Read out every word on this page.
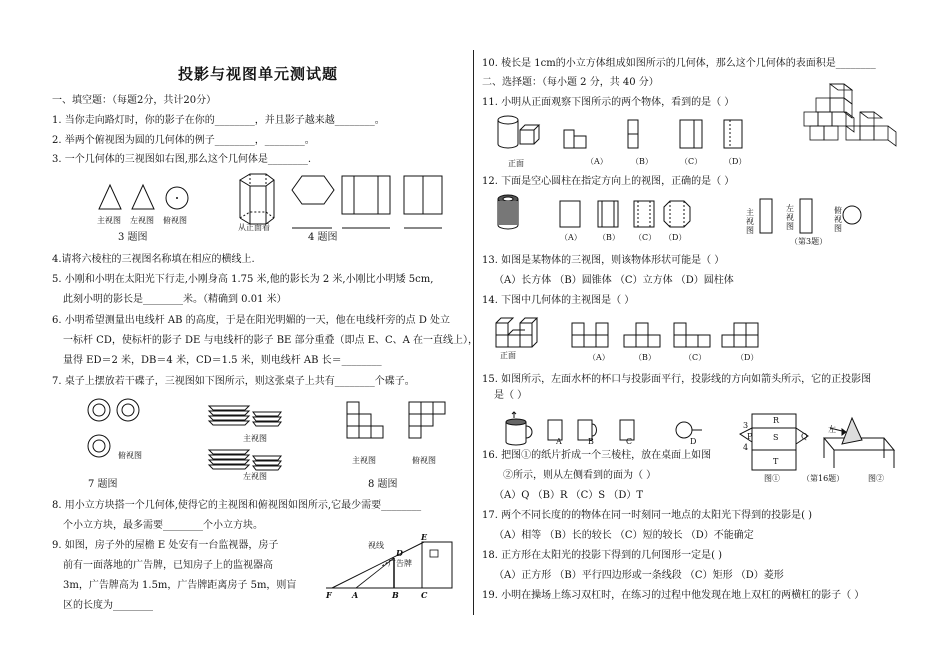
投影与视图单元测试题
一、填空题：（每题2分，共计20分）
1. 当你走向路灯时，你的影子在你的________，并且影子越来越________。
2. 举两个俯视图为圆的几何体的例子________，________。
3. 一个几何体的三视图如右图,那么这个几何体是________.
主视图 左视图 俯视图
3 题图
从正面看
4 题图
4.请将六棱柱的三视图名称填在相应的横线上.
5. 小刚和小明在太阳光下行走,小刚身高 1.75 米,他的影长为 2 米,小刚比小明矮 5cm,
此刻小明的影长是________米。（精确到 0.01 米）
6. 小明希望测量出电线杆 AB 的高度，于是在阳光明媚的一天，他在电线杆旁的点 D 处立
一标杆 CD，使标杆的影子 DE 与电线杆的影子 BE 部分重叠（即点 E、C、A 在一直线上），
量得 ED＝2 米，DB＝4 米，CD＝1.5 米，则电线杆 AB 长＝________
7. 桌子上摆放若干碟子，三视图如下图所示，则这张桌子上共有________个碟子。
俯视图
主视图
左视图
7 题图
主视图	俯视图
8 题图
8. 用小立方块搭一个几何体,使得它的主视图和俯视图如图所示,它最少需要________
个小立方块，最多需要________个小立方块。
9. 如图，房子外的屋檐 E 处安有一台监视器，房子
前有一面落地的广告牌，已知房子上的监视器高
3m，广告牌高为 1.5m，广告牌距离房子 5m，则盲
区的长度为________
视线
广告牌
E
F	A	B	C
D
10. 棱长是 1cm的小立方体组成如图所示的几何体，那么这个几何体的表面积是________
二、选择题：（每小题 2 分，共 40 分）
11. 小明从正面观察下图所示的两个物体，看到的是（ ）
正面	（A）	（B）	（C）	（D）
12. 下面是空心圆柱在指定方向上的视图，正确的是（ ）
（A） （B） （C） （D）
主视图
左视图
俯视图
（第3题）
13. 如图是某物体的三视图，则该物体形状可能是（ ）
（A）长方体 （B）圆锥体 （C）立方体 （D）圆柱体
14. 下图中几何体的主视图是（ ）
正面	（A）	（B）	（C）	（D）
15. 如图所示，左面水杯的杯口与投影面平行，投影线的方向如箭头所示，它的正投影图
是（ ）
A	B	C	D
R
S
T
3
4
P	Q
左
图①	（第16题）	图②
16. 把图①的纸片折成一个三棱柱，放在桌面上如图
②所示，则从左侧看到的面为（ ）
（A）Q （B）R （C）S （D）T
17. 两个不同长度的的物体在同一时刻同一地点的太阳光下得到的投影是( )
（A）相等 （B）长的较长 （C）短的较长 （D）不能确定
18. 正方形在太阳光的投影下得到的几何图形一定是( )
（A）正方形 （B）平行四边形或一条线段 （C）矩形 （D）菱形
19. 小明在操场上练习双杠时，在练习的过程中他发现在地上双杠的两横杠的影子（ ）
